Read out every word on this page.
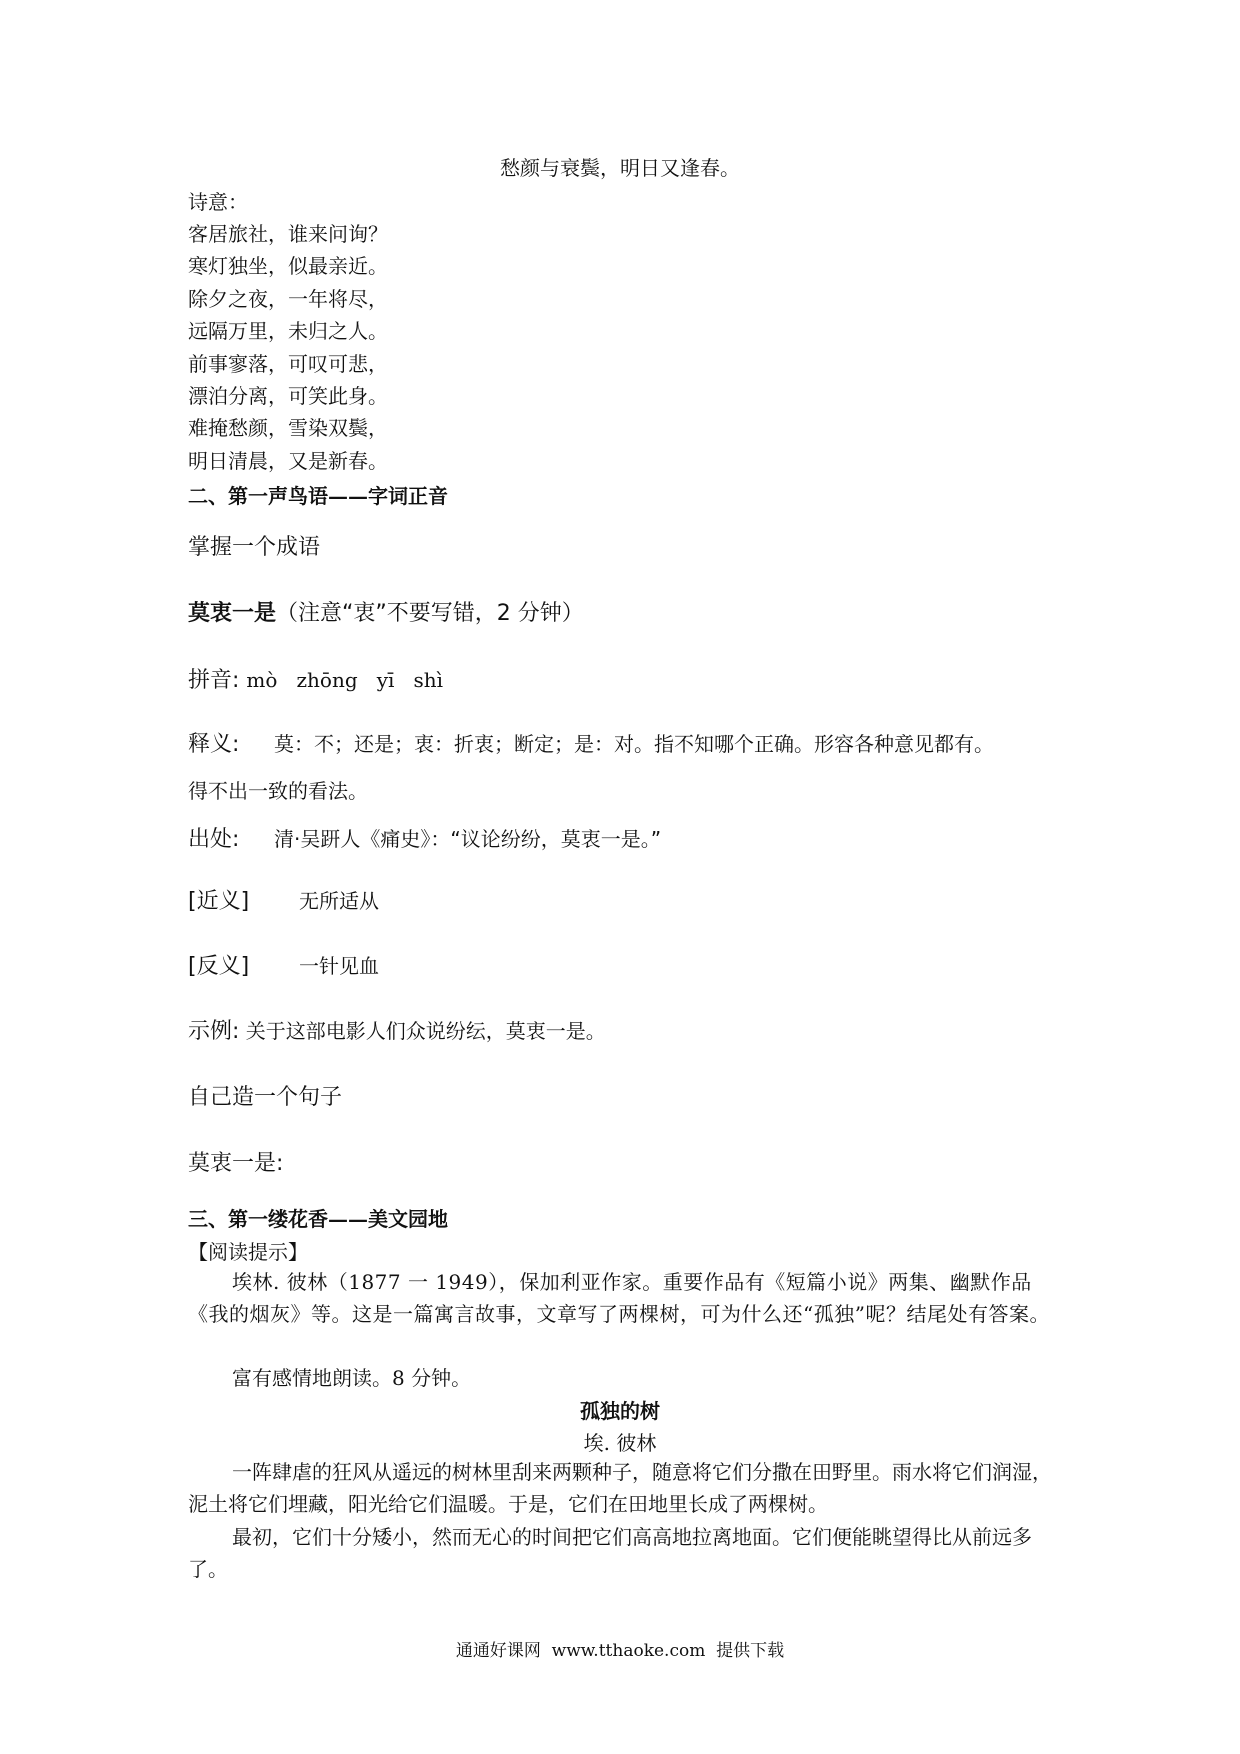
愁颜与衰鬓，明日又逢春。
诗意：
客居旅社，谁来问询？
寒灯独坐，似最亲近。
除夕之夜，一年将尽，
远隔万里，未归之人。
前事寥落，可叹可悲，
漂泊分离，可笑此身。
难掩愁颜，雪染双鬓，
明日清晨，又是新春。
二、第一声鸟语——字词正音
掌握一个成语
莫衷一是（注意“衷”不要写错，2 分钟）
拼音: mò   zhōng   yī   shì
释义: 莫：不；还是；衷：折衷；断定；是：对。指不知哪个正确。形容各种意见都有。
得不出一致的看法。
出处: 清·吴趼人《痛史》：“议论纷纷，莫衷一是。”
[近义] 无所适从
[反义] 一针见血
示例: 关于这部电影人们众说纷纭，莫衷一是。
自己造一个句子
莫衷一是:
三、第一缕花香——美文园地
【阅读提示】
埃林. 彼林（1877 一 1949），保加利亚作家。重要作品有《短篇小说》两集、幽默作品《我的烟灰》等。这是一篇寓言故事，文章写了两棵树，可为什么还“孤独”呢？结尾处有答案。
富有感情地朗读。8 分钟。
孤独的树
埃. 彼林
一阵肆虐的狂风从遥远的树林里刮来两颗种子，随意将它们分撒在田野里。雨水将它们润湿，泥土将它们埋藏，阳光给它们温暖。于是，它们在田地里长成了两棵树。
最初，它们十分矮小，然而无心的时间把它们高高地拉离地面。它们便能眺望得比从前远多了。
通通好课网  www.tthaoke.com  提供下载
